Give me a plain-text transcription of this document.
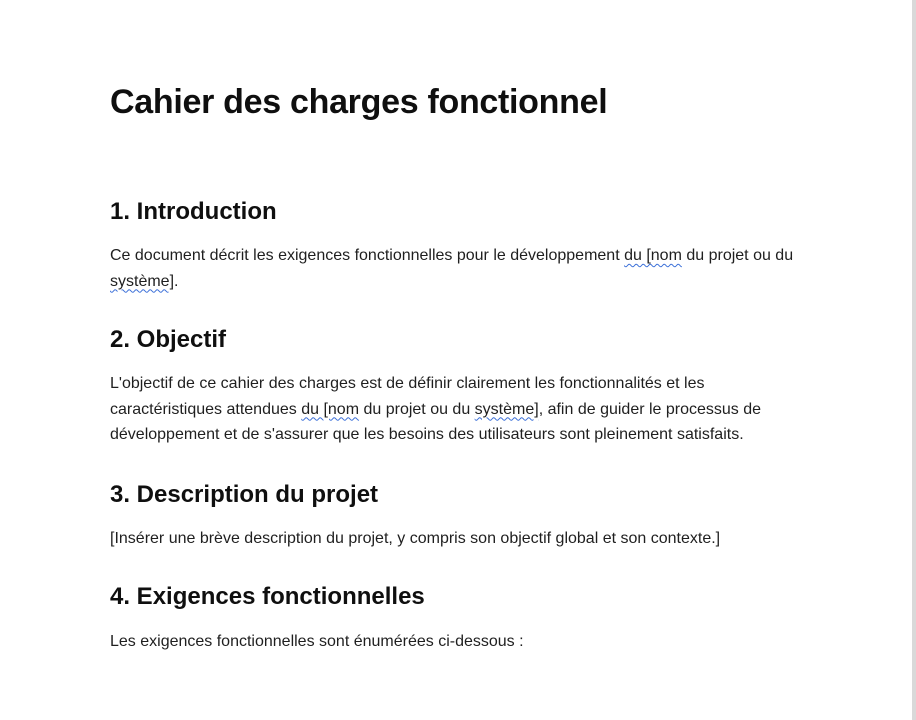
Cahier des charges fonctionnel
1. Introduction

Ce document décrit les exigences fonctionnelles pour le développement du [nom du projet ou du système].

2. Objectif

L'objectif de ce cahier des charges est de définir clairement les fonctionnalités et les caractéristiques attendues du [nom du projet ou du système], afin de guider le processus de développement et de s'assurer que les besoins des utilisateurs sont pleinement satisfaits.

3. Description du projet

[Insérer une brève description du projet, y compris son objectif global et son contexte.]

4. Exigences fonctionnelles

Les exigences fonctionnelles sont énumérées ci-dessous :
